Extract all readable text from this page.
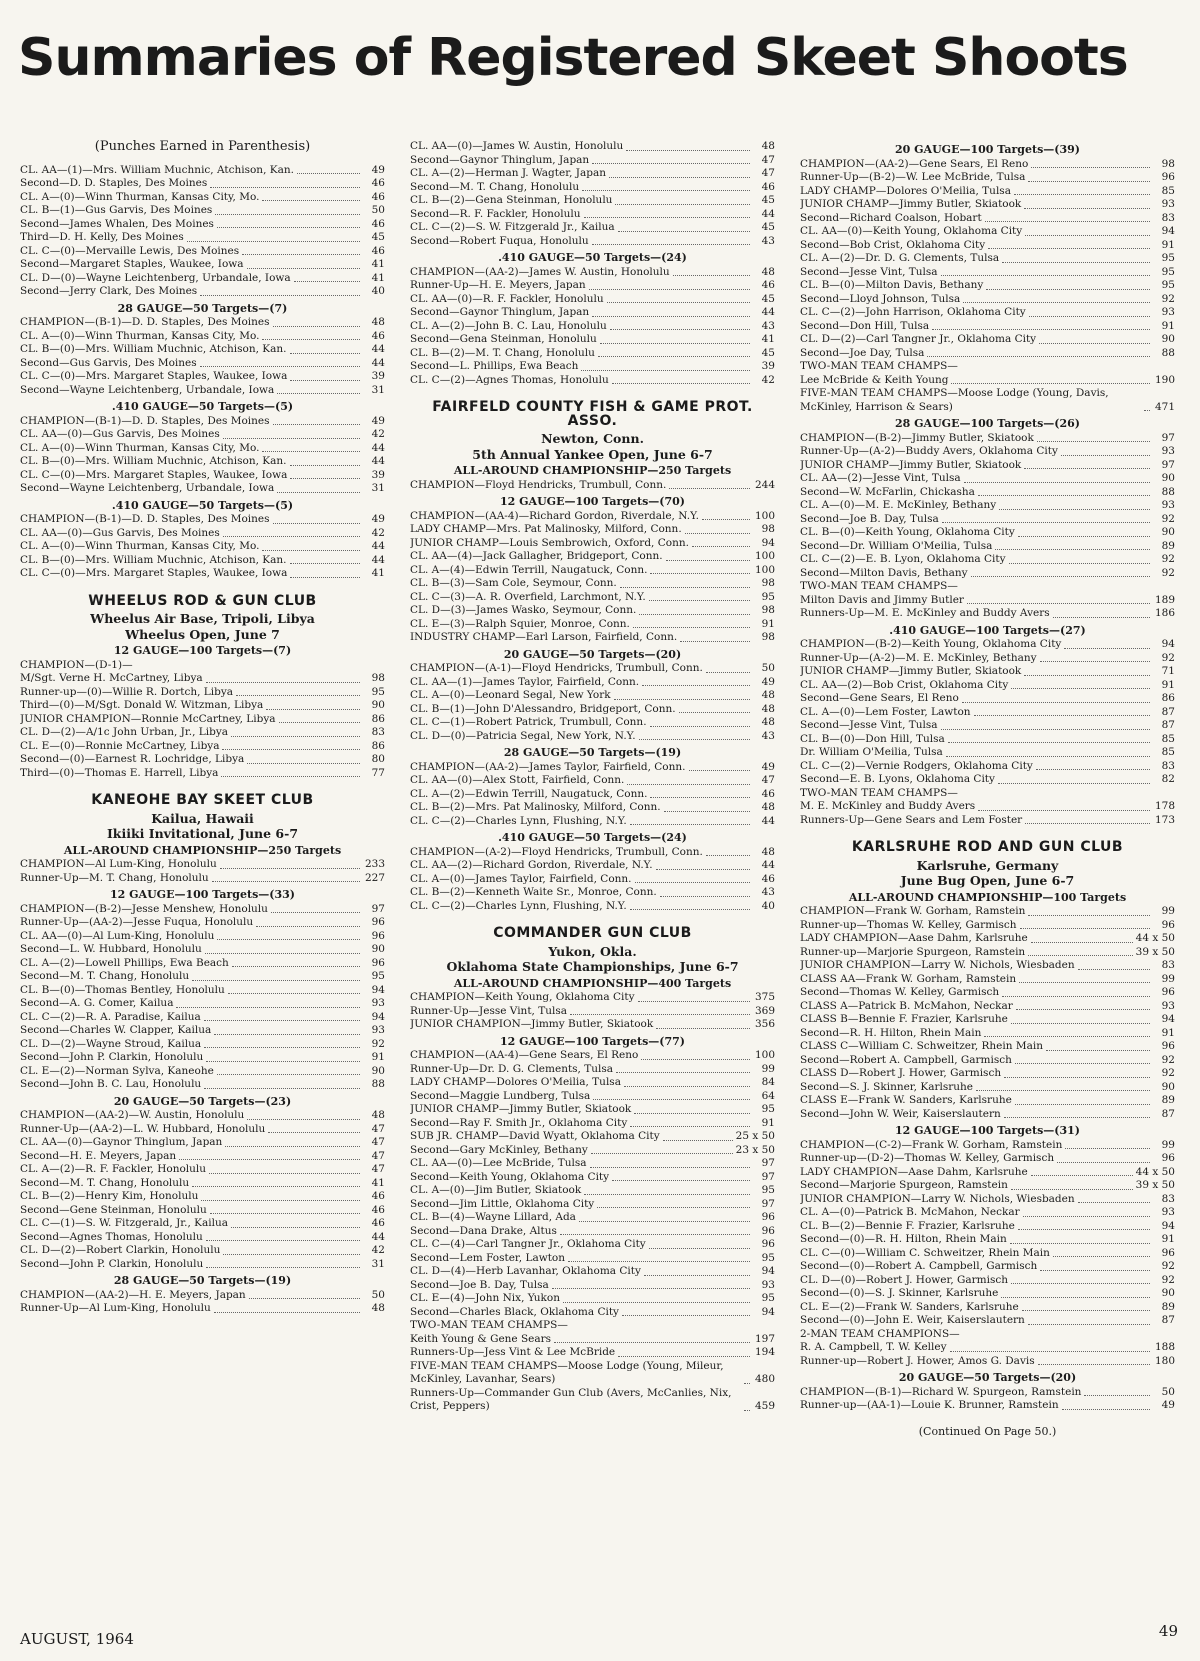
Summaries of Registered Skeet Shoots
(Punches Earned in Parenthesis)
CL. AA—(1)—Mrs. William Muchnic, Atchison, Kan.	49
Second—D. D. Staples, Des Moines	46
CL. A—(0)—Winn Thurman, Kansas City, Mo.	46
CL. B—(1)—Gus Garvis, Des Moines	50
Second—James Whalen, Des Moines	46
Third—D. H. Kelly, Des Moines	45
CL. C—(0)—Mervaille Lewis, Des Moines	46
Second—Margaret Staples, Waukee, Iowa	41
CL. D—(0)—Wayne Leichtenberg, Urbandale, Iowa	41
Second—Jerry Clark, Des Moines	40
28 GAUGE—50 Targets—(7)
CHAMPION—(B-1)—D. D. Staples, Des Moines	48
CL. A—(0)—Winn Thurman, Kansas City, Mo.	46
CL. B—(0)—Mrs. William Muchnic, Atchison, Kan.	44
Second—Gus Garvis, Des Moines	44
CL. C—(0)—Mrs. Margaret Staples, Waukee, Iowa	39
Second—Wayne Leichtenberg, Urbandale, Iowa	31
.410 GAUGE—50 Targets—(5)
CHAMPION—(B-1)—D. D. Staples, Des Moines	49
CL. AA—(0)—Gus Garvis, Des Moines	42
CL. A—(0)—Winn Thurman, Kansas City, Mo.	44
CL. B—(0)—Mrs. William Muchnic, Atchison, Kan.	44
CL. C—(0)—Mrs. Margaret Staples, Waukee, Iowa	39
Second—Wayne Leichtenberg, Urbandale, Iowa	31
.410 GAUGE—50 Targets—(5)
CHAMPION—(B-1)—D. D. Staples, Des Moines	49
CL. AA—(0)—Gus Garvis, Des Moines	42
CL. A—(0)—Winn Thurman, Kansas City, Mo.	44
CL. B—(0)—Mrs. William Muchnic, Atchison, Kan.	44
CL. C—(0)—Mrs. Margaret Staples, Waukee, Iowa	41
WHEELUS ROD & GUN CLUB
Wheelus Air Base, Tripoli, Libya
Wheelus Open, June 7
12 GAUGE—100 Targets—(7)
CHAMPION—(D-1)—
M/Sgt. Verne H. McCartney, Libya	98
Runner-up—(0)—Willie R. Dortch, Libya	95
Third—(0)—M/Sgt. Donald W. Witzman, Libya	90
JUNIOR CHAMPION—Ronnie McCartney, Libya	86
CL. D—(2)—A/1c John Urban, Jr., Libya	83
CL. E—(0)—Ronnie McCartney, Libya	86
Second—(0)—Earnest R. Lochridge, Libya	80
Third—(0)—Thomas E. Harrell, Libya	77
KANEOHE BAY SKEET CLUB
Kailua, Hawaii
Ikiiki Invitational, June 6-7
ALL-AROUND CHAMPIONSHIP—250 Targets
CHAMPION—Al Lum-King, Honolulu	233
Runner-Up—M. T. Chang, Honolulu	227
12 GAUGE—100 Targets—(33)
CHAMPION—(B-2)—Jesse Menshew, Honolulu	97
Runner-Up—(AA-2)—Jesse Fuqua, Honolulu	96
CL. AA—(0)—Al Lum-King, Honolulu	96
Second—L. W. Hubbard, Honolulu	90
CL. A—(2)—Lowell Phillips, Ewa Beach	96
Second—M. T. Chang, Honolulu	95
CL. B—(0)—Thomas Bentley, Honolulu	94
Second—A. G. Comer, Kailua	93
CL. C—(2)—R. A. Paradise, Kailua	94
Second—Charles W. Clapper, Kailua	93
CL. D—(2)—Wayne Stroud, Kailua	92
Second—John P. Clarkin, Honolulu	91
CL. E—(2)—Norman Sylva, Kaneohe	90
Second—John B. C. Lau, Honolulu	88
20 GAUGE—50 Targets—(23)
CHAMPION—(AA-2)—W. Austin, Honolulu	48
Runner-Up—(AA-2)—L. W. Hubbard, Honolulu	47
CL. AA—(0)—Gaynor Thinglum, Japan	47
Second—H. E. Meyers, Japan	47
CL. A—(2)—R. F. Fackler, Honolulu	47
Second—M. T. Chang, Honolulu	41
CL. B—(2)—Henry Kim, Honolulu	46
Second—Gene Steinman, Honolulu	46
CL. C—(1)—S. W. Fitzgerald, Jr., Kailua	46
Second—Agnes Thomas, Honolulu	44
CL. D—(2)—Robert Clarkin, Honolulu	42
Second—John P. Clarkin, Honolulu	31
28 GAUGE—50 Targets—(19)
CHAMPION—(AA-2)—H. E. Meyers, Japan	50
Runner-Up—Al Lum-King, Honolulu	48
CL. AA—(0)—James W. Austin, Honolulu	48
Second—Gaynor Thinglum, Japan	47
CL. A—(2)—Herman J. Wagter, Japan	47
Second—M. T. Chang, Honolulu	46
CL. B—(2)—Gena Steinman, Honolulu	45
Second—R. F. Fackler, Honolulu	44
CL. C—(2)—S. W. Fitzgerald Jr., Kailua	45
Second—Robert Fuqua, Honolulu	43
.410 GAUGE—50 Targets—(24)
CHAMPION—(AA-2)—James W. Austin, Honolulu	48
Runner-Up—H. E. Meyers, Japan	46
CL. AA—(0)—R. F. Fackler, Honolulu	45
Second—Gaynor Thinglum, Japan	44
CL. A—(2)—John B. C. Lau, Honolulu	43
Second—Gena Steinman, Honolulu	41
CL. B—(2)—M. T. Chang, Honolulu	45
Second—L. Phillips, Ewa Beach	39
CL. C—(2)—Agnes Thomas, Honolulu	42
FAIRFELD COUNTY FISH & GAME PROT. ASSO.
Newton, Conn.
5th Annual Yankee Open, June 6-7
ALL-AROUND CHAMPIONSHIP—250 Targets
CHAMPION—Floyd Hendricks, Trumbull, Conn.	244
12 GAUGE—100 Targets—(70)
CHAMPION—(AA-4)—Richard Gordon, Riverdale, N.Y.	100
LADY CHAMP—Mrs. Pat Malinosky, Milford, Conn.	98
JUNIOR CHAMP—Louis Sembrowich, Oxford, Conn.	94
CL. AA—(4)—Jack Gallagher, Bridgeport, Conn.	100
CL. A—(4)—Edwin Terrill, Naugatuck, Conn.	100
CL. B—(3)—Sam Cole, Seymour, Conn.	98
CL. C—(3)—A. R. Overfield, Larchmont, N.Y.	95
CL. D—(3)—James Wasko, Seymour, Conn.	98
CL. E—(3)—Ralph Squier, Monroe, Conn.	91
INDUSTRY CHAMP—Earl Larson, Fairfield, Conn.	98
20 GAUGE—50 Targets—(20)
CHAMPION—(A-1)—Floyd Hendricks, Trumbull, Conn.	50
CL. AA—(1)—James Taylor, Fairfield, Conn.	49
CL. A—(0)—Leonard Segal, New York	48
CL. B—(1)—John D'Alessandro, Bridgeport, Conn.	48
CL. C—(1)—Robert Patrick, Trumbull, Conn.	48
CL. D—(0)—Patricia Segal, New York, N.Y.	43
28 GAUGE—50 Targets—(19)
CHAMPION—(AA-2)—James Taylor, Fairfield, Conn.	49
CL. AA—(0)—Alex Stott, Fairfield, Conn.	47
CL. A—(2)—Edwin Terrill, Naugatuck, Conn.	46
CL. B—(2)—Mrs. Pat Malinosky, Milford, Conn.	48
CL. C—(2)—Charles Lynn, Flushing, N.Y.	44
.410 GAUGE—50 Targets—(24)
CHAMPION—(A-2)—Floyd Hendricks, Trumbull, Conn.	48
CL. AA—(2)—Richard Gordon, Riverdale, N.Y.	44
CL. A—(0)—James Taylor, Fairfield, Conn.	46
CL. B—(2)—Kenneth Waite Sr., Monroe, Conn.	43
CL. C—(2)—Charles Lynn, Flushing, N.Y.	40
COMMANDER GUN CLUB
Yukon, Okla.
Oklahoma State Championships, June 6-7
ALL-AROUND CHAMPIONSHIP—400 Targets
CHAMPION—Keith Young, Oklahoma City	375
Runner-Up—Jesse Vint, Tulsa	369
JUNIOR CHAMPION—Jimmy Butler, Skiatook	356
12 GAUGE—100 Targets—(77)
CHAMPION—(AA-4)—Gene Sears, El Reno	100
Runner-Up—Dr. D. G. Clements, Tulsa	99
LADY CHAMP—Dolores O'Meilia, Tulsa	84
Second—Maggie Lundberg, Tulsa	64
JUNIOR CHAMP—Jimmy Butler, Skiatook	95
Second—Ray F. Smith Jr., Oklahoma City	91
SUB JR. CHAMP—David Wyatt, Oklahoma City	25 x 50
Second—Gary McKinley, Bethany	23 x 50
CL. AA—(0)—Lee McBride, Tulsa	97
Second—Keith Young, Oklahoma City	97
CL. A—(0)—Jim Butler, Skiatook	95
Second—Jim Little, Oklahoma City	97
CL. B—(4)—Wayne Lillard, Ada	96
Second—Dana Drake, Altus	96
CL. C—(4)—Carl Tangner Jr., Oklahoma City	96
Second—Lem Foster, Lawton	95
CL. D—(4)—Herb Lavanhar, Oklahoma City	94
Second—Joe B. Day, Tulsa	93
CL. E—(4)—John Nix, Yukon	95
Second—Charles Black, Oklahoma City	94
TWO-MAN TEAM CHAMPS—
Keith Young & Gene Sears	197
Runners-Up—Jess Vint & Lee McBride	194
FIVE-MAN TEAM CHAMPS—Moose Lodge (Young, Mileur, McKinley, Lavanhar, Sears)	480
Runners-Up—Commander Gun Club (Avers, McCanlies, Nix, Crist, Peppers)	459
20 GAUGE—100 Targets—(39)
CHAMPION—(AA-2)—Gene Sears, El Reno	98
Runner-Up—(B-2)—W. Lee McBride, Tulsa	96
LADY CHAMP—Dolores O'Meilia, Tulsa	85
JUNIOR CHAMP—Jimmy Butler, Skiatook	93
Second—Richard Coalson, Hobart	83
CL. AA—(0)—Keith Young, Oklahoma City	94
Second—Bob Crist, Oklahoma City	91
CL. A—(2)—Dr. D. G. Clements, Tulsa	95
Second—Jesse Vint, Tulsa	95
CL. B—(0)—Milton Davis, Bethany	95
Second—Lloyd Johnson, Tulsa	92
CL. C—(2)—John Harrison, Oklahoma City	93
Second—Don Hill, Tulsa	91
CL. D—(2)—Carl Tangner Jr., Oklahoma City	90
Second—Joe Day, Tulsa	88
TWO-MAN TEAM CHAMPS—
Lee McBride & Keith Young	190
FIVE-MAN TEAM CHAMPS—Moose Lodge (Young, Davis, McKinley, Harrison & Sears)	471
28 GAUGE—100 Targets—(26)
CHAMPION—(B-2)—Jimmy Butler, Skiatook	97
Runner-Up—(A-2)—Buddy Avers, Oklahoma City	93
JUNIOR CHAMP—Jimmy Butler, Skiatook	97
CL. AA—(2)—Jesse Vint, Tulsa	90
Second—W. McFarlin, Chickasha	88
CL. A—(0)—M. E. McKinley, Bethany	93
Second—Joe B. Day, Tulsa	92
CL. B—(0)—Keith Young, Oklahoma City	90
Second—Dr. William O'Meilia, Tulsa	89
CL. C—(2)—E. B. Lyon, Oklahoma City	92
Second—Milton Davis, Bethany	92
TWO-MAN TEAM CHAMPS—
Milton Davis and Jimmy Butler	189
Runners-Up—M. E. McKinley and Buddy Avers	186
.410 GAUGE—100 Targets—(27)
CHAMPION—(B-2)—Keith Young, Oklahoma City	94
Runner-Up—(A-2)—M. E. McKinley, Bethany	92
JUNIOR CHAMP—Jimmy Butler, Skiatook	71
CL. AA—(2)—Bob Crist, Oklahoma City	91
Second—Gene Sears, El Reno	86
CL. A—(0)—Lem Foster, Lawton	87
Second—Jesse Vint, Tulsa	87
CL. B—(0)—Don Hill, Tulsa	85
Dr. William O'Meilia, Tulsa	85
CL. C—(2)—Vernie Rodgers, Oklahoma City	83
Second—E. B. Lyons, Oklahoma City	82
TWO-MAN TEAM CHAMPS—
M. E. McKinley and Buddy Avers	178
Runners-Up—Gene Sears and Lem Foster	173
KARLSRUHE ROD AND GUN CLUB
Karlsruhe, Germany
June Bug Open, June 6-7
ALL-AROUND CHAMPIONSHIP—100 Targets
CHAMPION—Frank W. Gorham, Ramstein	99
Runner-up—Thomas W. Kelley, Garmisch	96
LADY CHAMPION—Aase Dahm, Karlsruhe	44 x 50
Runner-up—Marjorie Spurgeon, Ramstein	39 x 50
JUNIOR CHAMPION—Larry W. Nichols, Wiesbaden	83
CLASS AA—Frank W. Gorham, Ramstein	99
Second—Thomas W. Kelley, Garmisch	96
CLASS A—Patrick B. McMahon, Neckar	93
CLASS B—Bennie F. Frazier, Karlsruhe	94
Second—R. H. Hilton, Rhein Main	91
CLASS C—William C. Schweitzer, Rhein Main	96
Second—Robert A. Campbell, Garmisch	92
CLASS D—Robert J. Hower, Garmisch	92
Second—S. J. Skinner, Karlsruhe	90
CLASS E—Frank W. Sanders, Karlsruhe	89
Second—John W. Weir, Kaiserslautern	87
12 GAUGE—100 Targets—(31)
CHAMPION—(C-2)—Frank W. Gorham, Ramstein	99
Runner-up—(D-2)—Thomas W. Kelley, Garmisch	96
LADY CHAMPION—Aase Dahm, Karlsruhe	44 x 50
Second—Marjorie Spurgeon, Ramstein	39 x 50
JUNIOR CHAMPION—Larry W. Nichols, Wiesbaden	83
CL. A—(0)—Patrick B. McMahon, Neckar	93
CL. B—(2)—Bennie F. Frazier, Karlsruhe	94
Second—(0)—R. H. Hilton, Rhein Main	91
CL. C—(0)—William C. Schweitzer, Rhein Main	96
Second—(0)—Robert A. Campbell, Garmisch	92
CL. D—(0)—Robert J. Hower, Garmisch	92
Second—(0)—S. J. Skinner, Karlsruhe	90
CL. E—(2)—Frank W. Sanders, Karlsruhe	89
Second—(0)—John E. Weir, Kaiserslautern	87
2-MAN TEAM CHAMPIONS—
R. A. Campbell, T. W. Kelley	188
Runner-up—Robert J. Hower, Amos G. Davis	180
20 GAUGE—50 Targets—(20)
CHAMPION—(B-1)—Richard W. Spurgeon, Ramstein	50
Runner-up—(AA-1)—Louie K. Brunner, Ramstein	49
(Continued On Page 50.)
AUGUST, 1964	49
